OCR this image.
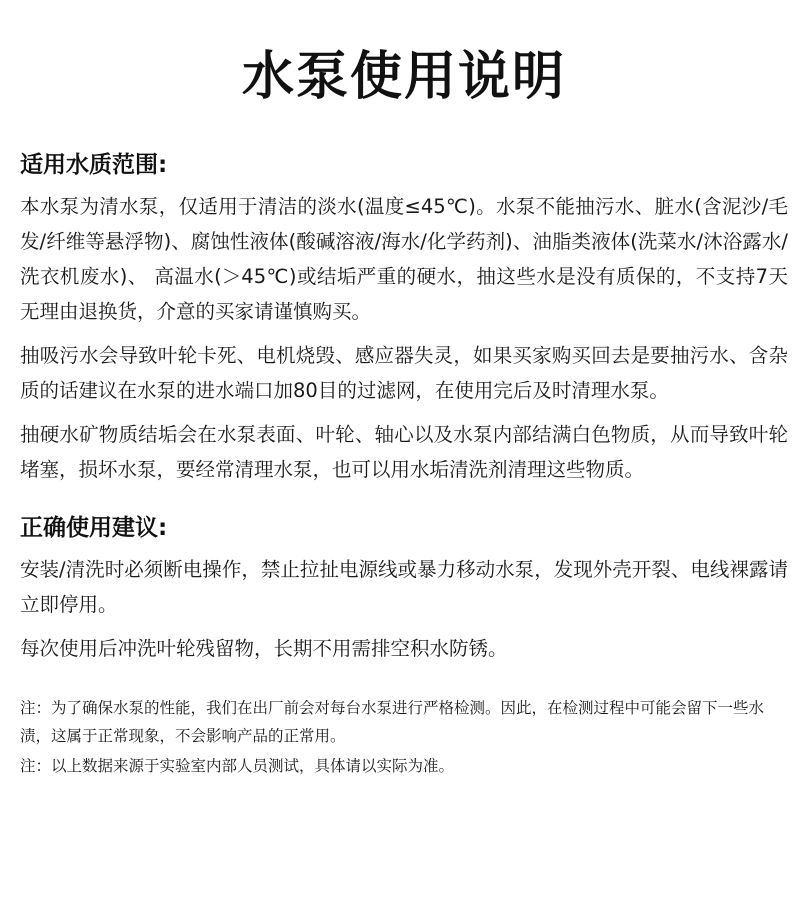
水泵使用说明
适用水质范围:

本水泵为清水泵，仅适用于清洁的淡水(温度≤45℃)。水泵不能抽污水、脏水(含泥沙/毛发/纤维等悬浮物)、腐蚀性液体(酸碱溶液/海水/化学药剂)、油脂类液体(洗菜水/沐浴露水/洗衣机废水)、 高温水(＞45℃)或结垢严重的硬水，抽这些水是没有质保的，不支持7天无理由退换货，介意的买家请谨慎购买。

抽吸污水会导致叶轮卡死、电机烧毁、感应器失灵，如果买家购买回去是要抽污水、含杂质的话建议在水泵的进水端口加80目的过滤网，在使用完后及时清理水泵。

抽硬水矿物质结垢会在水泵表面、叶轮、轴心以及水泵内部结满白色物质，从而导致叶轮堵塞，损坏水泵，要经常清理水泵，也可以用水垢清洗剂清理这些物质。

正确使用建议:

安装/清洗时必须断电操作，禁止拉扯电源线或暴力移动水泵，发现外壳开裂、电线裸露请立即停用。

每次使用后冲洗叶轮残留物，长期不用需排空积水防锈。

注：为了确保水泵的性能，我们在出厂前会对每台水泵进行严格检测。因此，在检测过程中可能会留下一些水渍，这属于正常现象，不会影响产品的正常用。

注：以上数据来源于实验室内部人员测试，具体请以实际为准。
